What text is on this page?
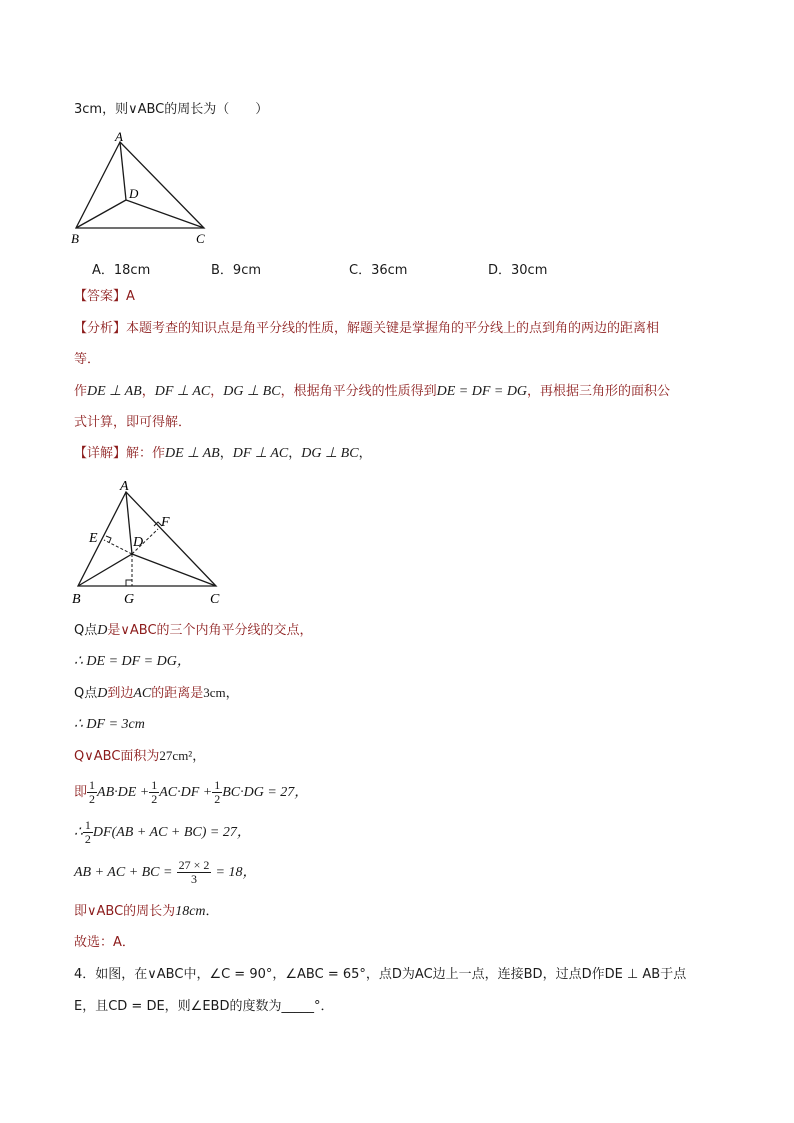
3cm，则∨ABC的周长为（　　）
A
D
B	C
A．18cm	B．9cm	C．36cm	D．30cm
【答案】A
【分析】本题考查的知识点是角平分线的性质，解题关键是掌握角的平分线上的点到角的两边的距离相
等．
作DE ⊥ AB，DF ⊥ AC，DG ⊥ BC，根据角平分线的性质得到DE = DF = DG，再根据三角形的面积公
式计算，即可得解．
【详解】解：作DE ⊥ AB，DF ⊥ AC，DG ⊥ BC，
A
F
E	D
B	G	C
Q点D是∨ABC的三个内角平分线的交点，
∴ DE = DF = DG，
Q点D到边AC的距离是3cm，
∴ DF = 3cm
Q∨ABC面积为27cm²，
即 $\frac{1}{2} AB\cdot DE + \frac{1}{2} AC\cdot DF + \frac{1}{2} BC\cdot DG = 27$，
∴ $\frac{1}{2} DF(AB$ + AC + BC) = 27，
AB + AC + BC = $\frac{27 \times 2}{3} = 18$，
即∨ABC的周长为18cm．
故选：A．
4．如图，在∨ABC中，∠C = 90°，∠ABC = 65°，点D为AC边上一点，连接BD，过点D作DE ⊥ AB于点
E，且CD = DE，则∠EBD的度数为_____°．
